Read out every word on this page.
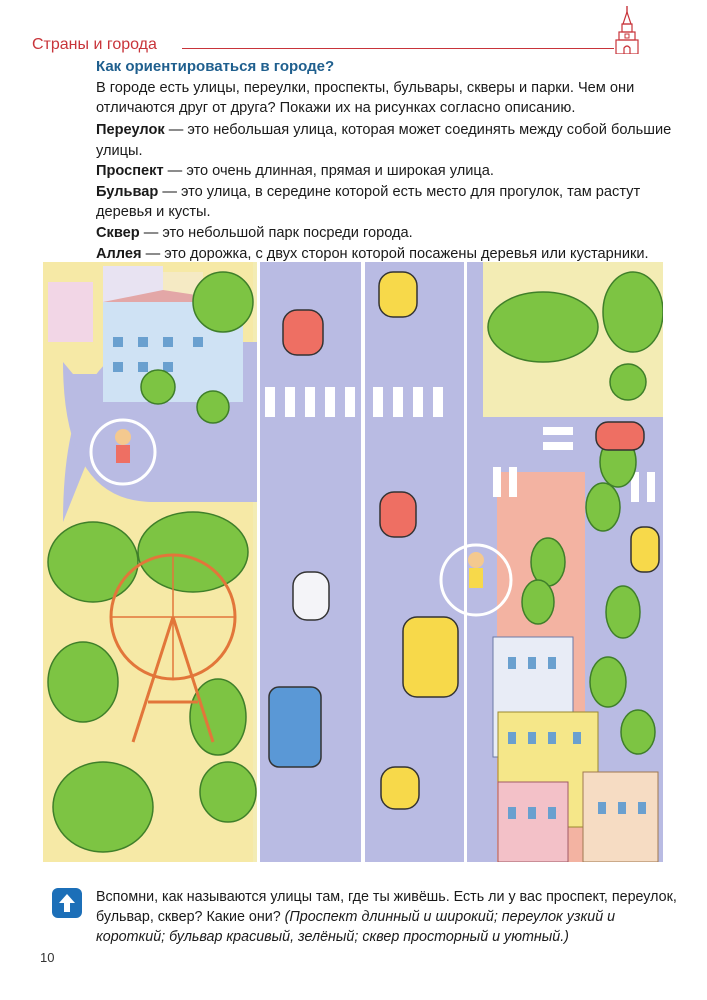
Страны и города
Как ориентироваться в городе?
В городе есть улицы, переулки, проспекты, бульвары, скверы и парки. Чем они отличаются друг от друга? Покажи их на рисунках согласно описанию.

Переулок — это небольшая улица, которая может соединять между собой большие улицы.

Проспект — это очень длинная, прямая и широкая улица.

Бульвар — это улица, в середине которой есть место для прогулок, там растут деревья и кусты.

Сквер — это небольшой парк посреди города.

Аллея — это дорожка, с двух сторон которой посажены деревья или кустарники.

Вспомни, как называются улицы там, где ты живёшь. Есть ли у вас проспект, переулок, бульвар, сквер? Какие они? (Проспект длинный и широкий; переулок узкий и короткий; бульвар красивый, зелёный; сквер просторный и уютный.)
10
